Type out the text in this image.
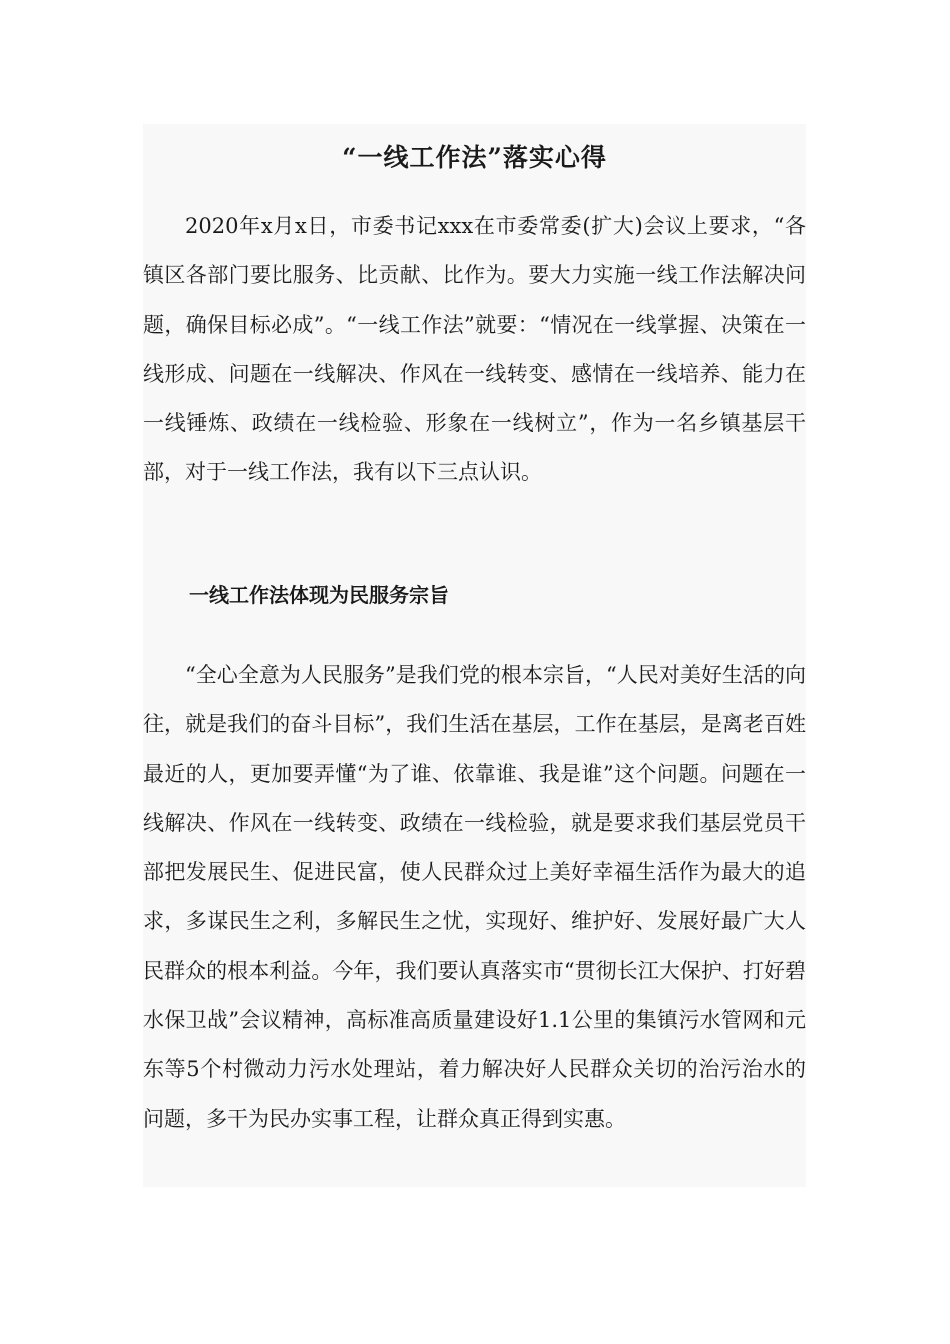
“一线工作法”落实心得

2020年x月x日，市委书记xxx在市委常委(扩大)会议上要求，“各镇区各部门要比服务、比贡献、比作为。要大力实施一线工作法解决问题，确保目标必成”。“一线工作法”就要：“情况在一线掌握、决策在一线形成、问题在一线解决、作风在一线转变、感情在一线培养、能力在一线锤炼、政绩在一线检验、形象在一线树立”，作为一名乡镇基层干部，对于一线工作法，我有以下三点认识。

一线工作法体现为民服务宗旨

“全心全意为人民服务”是我们党的根本宗旨，“人民对美好生活的向往，就是我们的奋斗目标”，我们生活在基层，工作在基层，是离老百姓最近的人，更加要弄懂“为了谁、依靠谁、我是谁”这个问题。问题在一线解决、作风在一线转变、政绩在一线检验，就是要求我们基层党员干部把发展民生、促进民富，使人民群众过上美好幸福生活作为最大的追求，多谋民生之利，多解民生之忧，实现好、维护好、发展好最广大人民群众的根本利益。今年，我们要认真落实市“贯彻长江大保护、打好碧水保卫战”会议精神，高标准高质量建设好1.1公里的集镇污水管网和元东等5个村微动力污水处理站，着力解决好人民群众关切的治污治水的问题，多干为民办实事工程，让群众真正得到实惠。
